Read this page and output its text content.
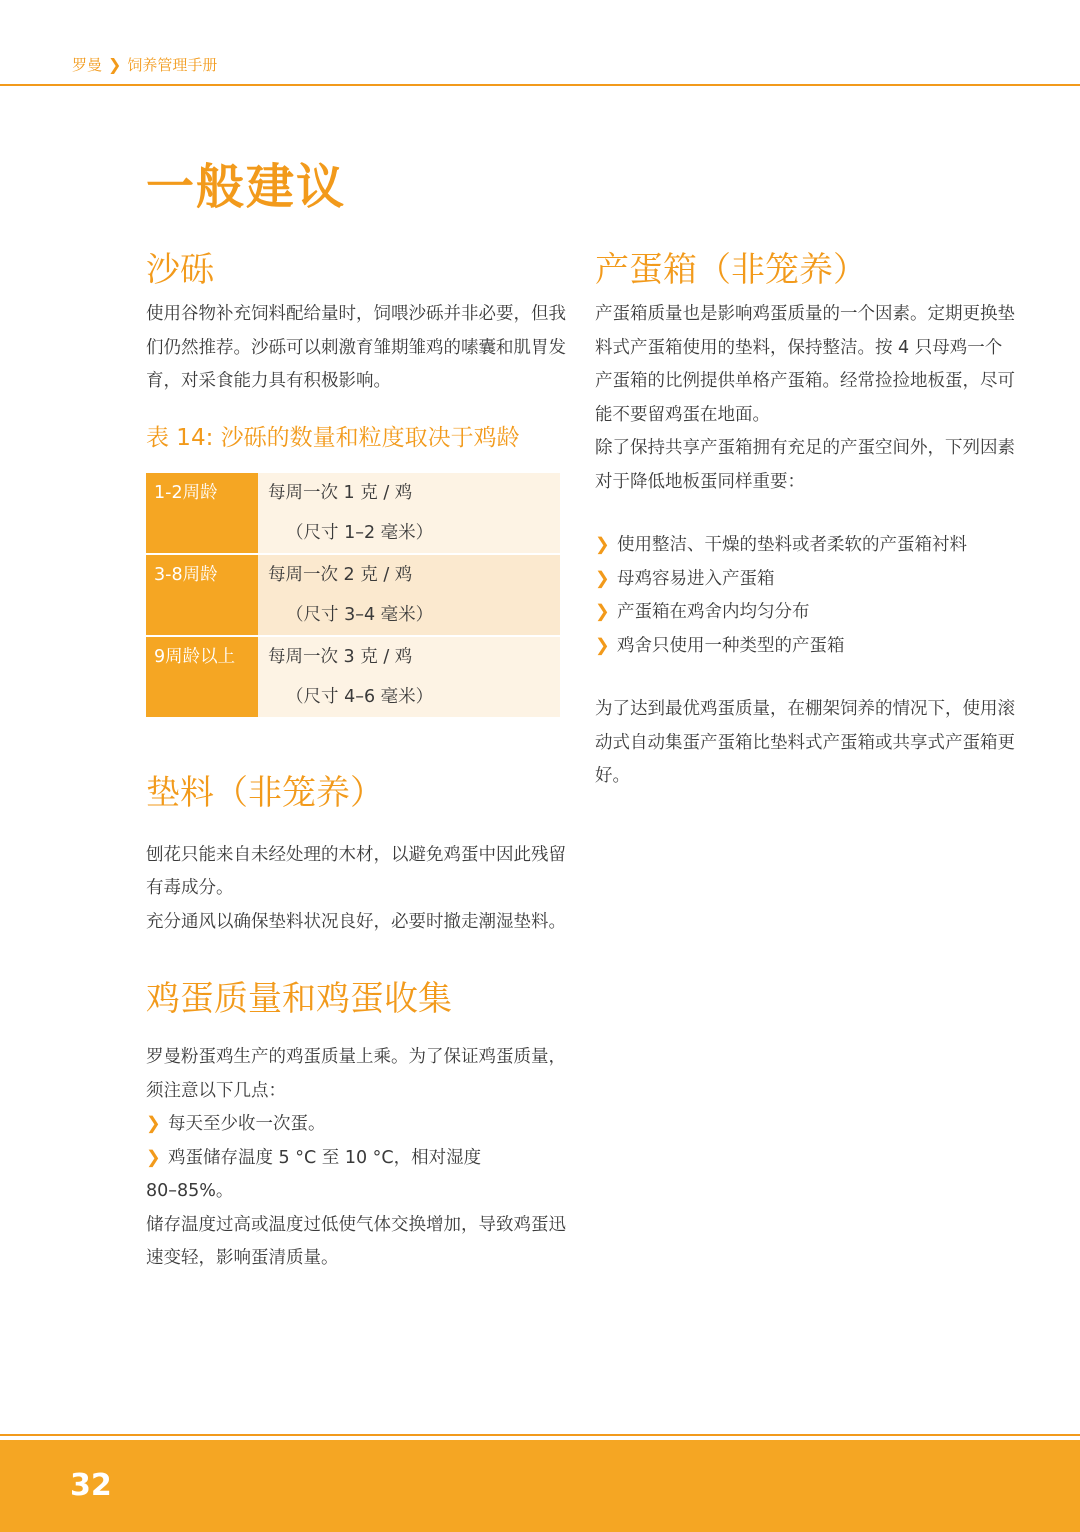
罗曼 ❯ 饲养管理手册
一般建议
沙砾

使用谷物补充饲料配给量时，饲喂沙砾并非必要，但我们仍然推荐。沙砾可以刺激育雏期雏鸡的嗉囊和肌胃发育，对采食能力具有积极影响。

表 14: 沙砾的数量和粒度取决于鸡龄
1-2周龄	每周一次 1 克 / 鸡
（尺寸 1–2 毫米）

3-8周龄	每周一次 2 克 / 鸡
（尺寸 3–4 毫米）

9周龄以上	每周一次 3 克 / 鸡
（尺寸 4–6 毫米）
垫料（非笼养）

刨花只能来自未经处理的木材，以避免鸡蛋中因此残留有毒成分。

充分通风以确保垫料状况良好，必要时撤走潮湿垫料。

鸡蛋质量和鸡蛋收集

罗曼粉蛋鸡生产的鸡蛋质量上乘。为了保证鸡蛋质量，须注意以下几点：

❯ 每天至少收一次蛋。
❯ 鸡蛋储存温度 5 °C 至 10 °C，相对湿度

80–85%。

储存温度过高或温度过低使气体交换增加，导致鸡蛋迅速变轻，影响蛋清质量。

产蛋箱（非笼养）

产蛋箱质量也是影响鸡蛋质量的一个因素。定期更换垫料式产蛋箱使用的垫料，保持整洁。按 4 只母鸡一个产蛋箱的比例提供单格产蛋箱。经常捡捡地板蛋，尽可能不要留鸡蛋在地面。

除了保持共享产蛋箱拥有充足的产蛋空间外，下列因素对于降低地板蛋同样重要：

❯ 使用整洁、干燥的垫料或者柔软的产蛋箱衬料
❯ 母鸡容易进入产蛋箱
❯ 产蛋箱在鸡舍内均匀分布
❯ 鸡舍只使用一种类型的产蛋箱

为了达到最优鸡蛋质量，在棚架饲养的情况下，使用滚动式自动集蛋产蛋箱比垫料式产蛋箱或共享式产蛋箱更好。

32
